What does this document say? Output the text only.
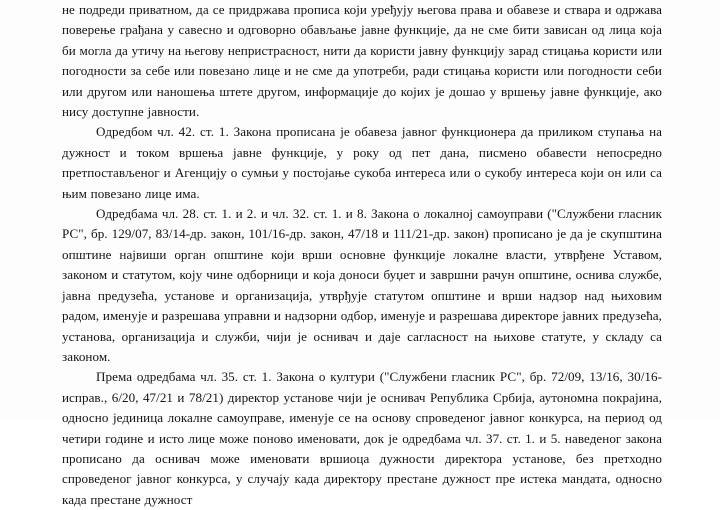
не подреди приватном, да се придржава прописа који уређују његова права и обавезе и ствара и одржава поверење грађана у савесно и одговорно обављање јавне функције, да не сме бити зависан од лица која би могла да утичу на његову непристрасност, нити да користи јавну функцију зарад стицања користи или погодности за себе или повезано лице и не сме да употреби, ради стицања користи или погодности себи или другом или наношења штете другом, информације до којих је дошао у вршењу јавне функције, ако нису доступне јавности.

Одредбом чл. 42. ст. 1. Закона прописана је обавеза јавног функционера да приликом ступања на дужност и током вршења јавне функције, у року од пет дана, писмено обавести непосредно претпостављеног и Агенцију о сумњи у постојање сукоба интереса или о сукобу интереса који он или са њим повезано лице има.

Одредбама чл. 28. ст. 1. и 2. и чл. 32. ст. 1. и 8. Закона о локалној самоуправи ("Службени гласник РС", бр. 129/07, 83/14-др. закон, 101/16-др. закон, 47/18 и 111/21-др. закон) прописано је да је скупштина општине највиши орган општине који врши основне функције локалне власти, утврђене Уставом, законом и статутом, коју чине одборници и која доноси буџет и завршни рачун општине, оснива службе, јавна предузећа, установе и организација, утврђује статутом општине и врши надзор над њиховим радом, именује и разрешава управни и надзорни одбор, именује и разрешава директоре јавних предузећа, установа, организација и служби, чији је оснивач и даје сагласност на њихове статуте, у складу са законом.

Према одредбама чл. 35. ст. 1. Закона о култури ("Службени гласник РС", бр. 72/09, 13/16, 30/16-исправ., 6/20, 47/21 и 78/21) директор установе чији је оснивач Република Србија, аутономна покрајина, односно јединица локалне самоуправе, именује се на основу спроведеног јавног конкурса, на период од четири године и исто лице може поново именовати, док је одредбама чл. 37. ст. 1. и 5. наведеног закона прописано да оснивач може именовати вршиоца дужности директора установе, без претходно спроведеног јавног конкурса, у случају када директору престане дужност пре истека мандата, односно када престане дужност
